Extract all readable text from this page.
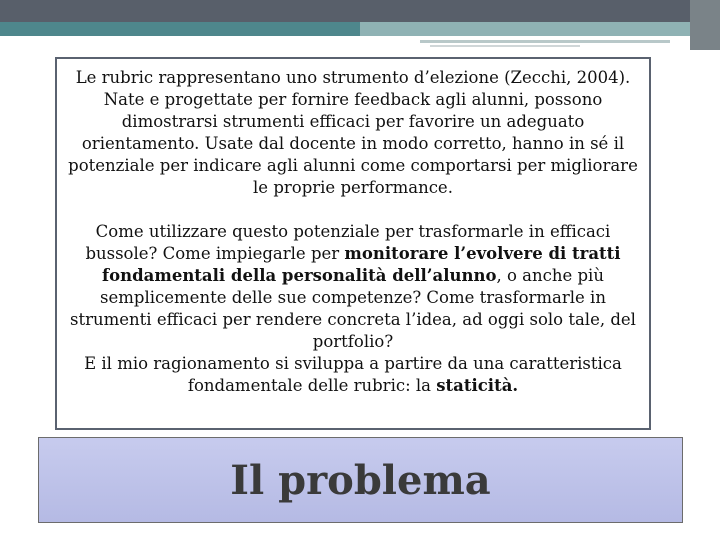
Le rubric rappresentano uno strumento d’elezione (Zecchi, 2004). Nate e progettate per fornire feedback agli alunni, possono dimostrarsi strumenti efficaci per favorire un adeguato orientamento. Usate dal docente in modo corretto, hanno in sé il potenziale per indicare agli alunni come comportarsi per migliorare le proprie performance.

Come utilizzare questo potenziale per trasformarle in efficaci bussole? Come impiegarle per monitorare l’evolvere di tratti fondamentali della personalità dell’alunno, o anche più semplicemente delle sue competenze? Come trasformarle in strumenti efficaci per rendere concreta l’idea, ad oggi solo tale, del portfolio?

E il mio ragionamento si sviluppa a partire da una caratteristica fondamentale delle rubric: la staticità.

Il problema
